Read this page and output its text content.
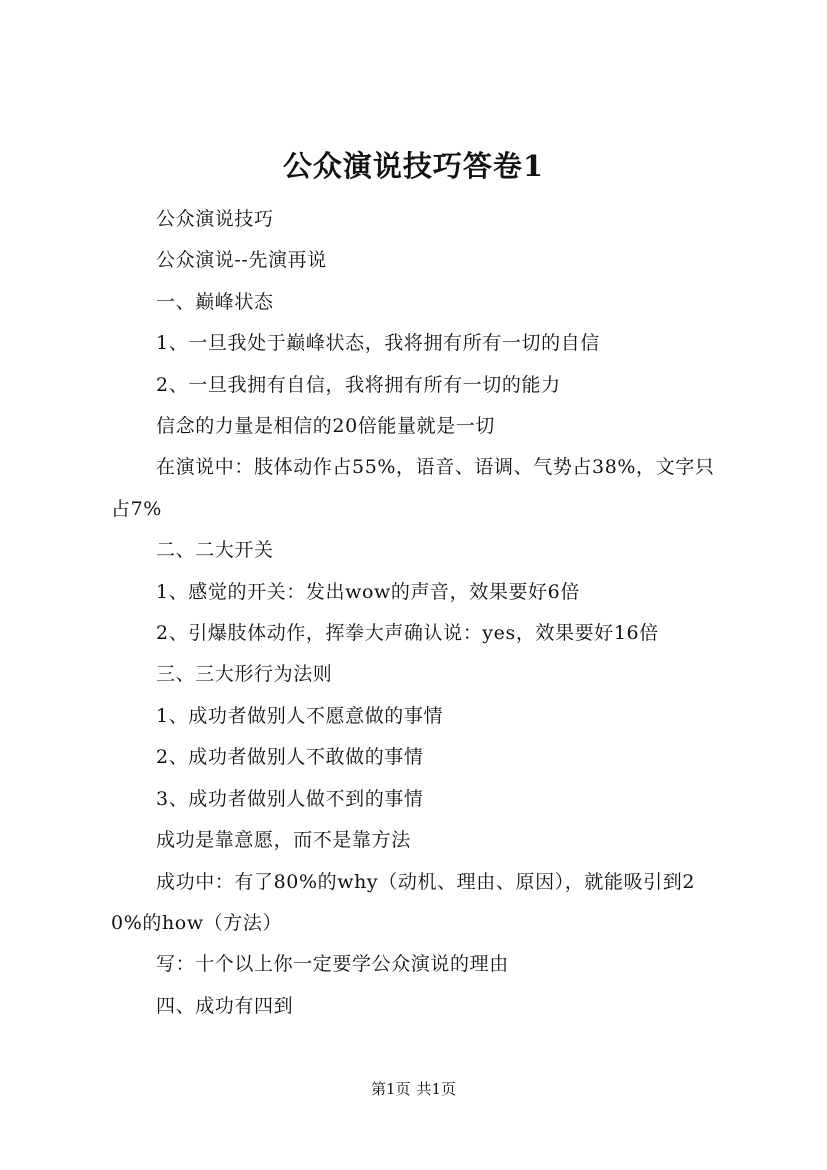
公众演说技巧答卷1

公众演说技巧

公众演说--先演再说

一、巅峰状态

1、一旦我处于巅峰状态，我将拥有所有一切的自信

2、一旦我拥有自信，我将拥有所有一切的能力

信念的力量是相信的20倍能量就是一切

在演说中：肢体动作占55%，语音、语调、气势占38%，文字只占7%

二、二大开关

1、感觉的开关：发出wow的声音，效果要好6倍

2、引爆肢体动作，挥拳大声确认说：yes，效果要好16倍

三、三大形行为法则

1、成功者做别人不愿意做的事情

2、成功者做别人不敢做的事情

3、成功者做别人做不到的事情

成功是靠意愿，而不是靠方法

成功中：有了80%的why（动机、理由、原因），就能吸引到20%的how（方法）

写：十个以上你一定要学公众演说的理由

四、成功有四到

第1页 共1页
